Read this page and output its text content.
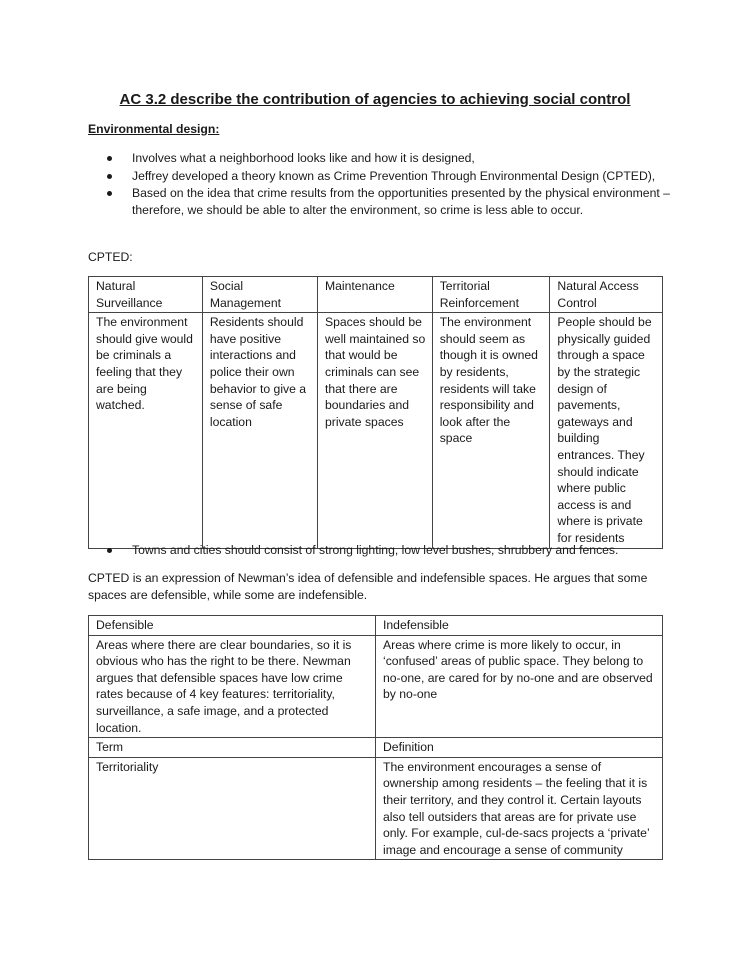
AC 3.2 describe the contribution of agencies to achieving social control
Environmental design:
Involves what a neighborhood looks like and how it is designed,
Jeffrey developed a theory known as Crime Prevention Through Environmental Design (CPTED),
Based on the idea that crime results from the opportunities presented by the physical environment – therefore, we should be able to alter the environment, so crime is less able to occur.
CPTED:
Natural Surveillance	Social Management	Maintenance	Territorial Reinforcement	Natural Access Control
The environment should give would be criminals a feeling that they are being watched.	Residents should have positive interactions and police their own behavior to give a sense of safe location	Spaces should be well maintained so that would be criminals can see that there are boundaries and private spaces	The environment should seem as though it is owned by residents, residents will take responsibility and look after the space	People should be physically guided through a space by the strategic design of pavements, gateways and building entrances. They should indicate where public access is and where is private for residents
Towns and cities should consist of strong lighting, low level bushes, shrubbery and fences.
CPTED is an expression of Newman’s idea of defensible and indefensible spaces. He argues that some spaces are defensible, while some are indefensible.
Defensible	Indefensible
Areas where there are clear boundaries, so it is obvious who has the right to be there. Newman argues that defensible spaces have low crime rates because of 4 key features: territoriality, surveillance, a safe image, and a protected location.	Areas where crime is more likely to occur, in ‘confused’ areas of public space. They belong to no-one, are cared for by no-one and are observed by no-one
Term	Definition
Territoriality	The environment encourages a sense of ownership among residents – the feeling that it is their territory, and they control it. Certain layouts also tell outsiders that areas are for private use only. For example, cul-de-sacs projects a ‘private’ image and encourage a sense of community
